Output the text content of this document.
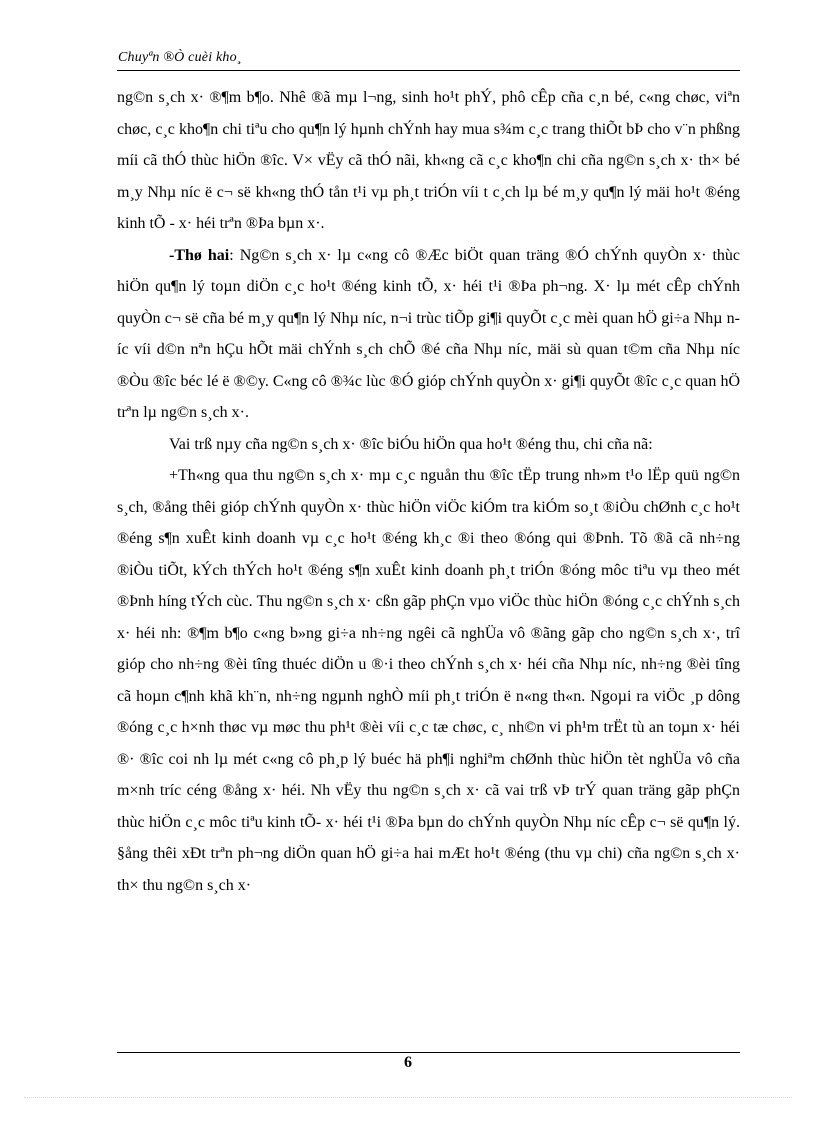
Chuyªn ®Ò cuèi kho¸

ng©n s¸ch x· ®¶m b¶o. Nhê ®ã mµ l¬ng, sinh ho¹t phÝ, phô cÊp cña c¸n bé, c«ng chøc, viªn chøc, c¸c kho¶n chi tiªu cho qu¶n lý hµnh chÝnh hay mua s¾m c¸c trang thiÕt bÞ cho v¨n phßng míi cã thÓ thùc hiÖn ®îc. V× vËy cã thÓ nãi, kh«ng cã c¸c kho¶n chi cña ng©n s¸ch x· th× bé m¸y Nhµ níc ë c¬ së kh«ng thÓ tån t¹i vµ ph¸t triÓn víi t c¸ch lµ bé m¸y qu¶n lý mäi ho¹t ®éng kinh tÕ - x· héi trªn ®Þa bµn x·.

-Thø hai: Ng©n s¸ch x· lµ c«ng cô ®Æc biÖt quan träng ®Ó chÝnh quyÒn x· thùc hiÖn qu¶n lý toµn diÖn c¸c ho¹t ®éng kinh tÕ, x· héi t¹i ®Þa ph¬ng. X· lµ mét cÊp chÝnh quyÒn c¬ së cña bé m¸y qu¶n lý Nhµ níc, n¬i trùc tiÕp gi¶i quyÕt c¸c mèi quan hÖ gi÷a Nhµ níc víi d©n nªn hÇu hÕt mäi chÝnh s¸ch chÕ ®é cña Nhµ níc, mäi sù quan t©m cña Nhµ níc ®Òu ®îc béc lé ë ®©y. C«ng cô ®¾c lùc ®Ó gióp chÝnh quyÒn x· gi¶i quyÕt ®îc c¸c quan hÖ trªn lµ ng©n s¸ch x·.

Vai trß nµy cña ng©n s¸ch x· ®îc biÓu hiÖn qua ho¹t ®éng thu, chi cña nã:

+Th«ng qua thu ng©n s¸ch x· mµ c¸c nguån thu ®îc tËp trung nh»m t¹o lËp quü ng©n s¸ch, ®ång thêi gióp chÝnh quyÒn x· thùc hiÖn viÖc kiÓm tra kiÓm so¸t ®iÒu chØnh c¸c ho¹t ®éng s¶n xuÊt kinh doanh vµ c¸c ho¹t ®éng kh¸c ®i theo ®óng qui ®Þnh. Tõ ®ã cã nh÷ng ®iÒu tiÕt, kÝch thÝch ho¹t ®éng s¶n xuÊt kinh doanh ph¸t triÓn ®óng môc tiªu vµ theo mét ®Þnh híng tÝch cùc. Thu ng©n s¸ch x· cßn gãp phÇn vµo viÖc thùc hiÖn ®óng c¸c chÝnh s¸ch x· héi nh: ®¶m b¶o c«ng b»ng gi÷a nh÷ng ngêi cã nghÜa vô ®ãng gãp cho ng©n s¸ch x·, trî gióp cho nh÷ng ®èi tîng thuéc diÖn u ®·i theo chÝnh s¸ch x· héi cña Nhµ níc, nh÷ng ®èi tîng cã hoµn c¶nh khã kh¨n, nh÷ng ngµnh nghÒ míi ph¸t triÓn ë n«ng th«n. Ngoµi ra viÖc ¸p dông ®óng c¸c h×nh thøc vµ møc thu ph¹t ®èi víi c¸c tæ chøc, c¸ nh©n vi ph¹m trËt tù an toµn x· héi ®· ®îc coi nh lµ mét c«ng cô ph¸p lý buéc hä ph¶i nghiªm chØnh thùc hiÖn tèt nghÜa vô cña m×nh tríc céng ®ång x· héi. Nh vËy thu ng©n s¸ch x· cã vai trß vÞ trÝ quan träng gãp phÇn thùc hiÖn c¸c môc tiªu kinh tÕ- x· héi t¹i ®Þa bµn do chÝnh quyÒn Nhµ níc cÊp c¬ së qu¶n lý. §ång thêi xÐt trªn ph¬ng diÖn quan hÖ gi÷a hai mÆt ho¹t ®éng (thu vµ chi) cña ng©n s¸ch x· th× thu ng©n s¸ch x·

6
